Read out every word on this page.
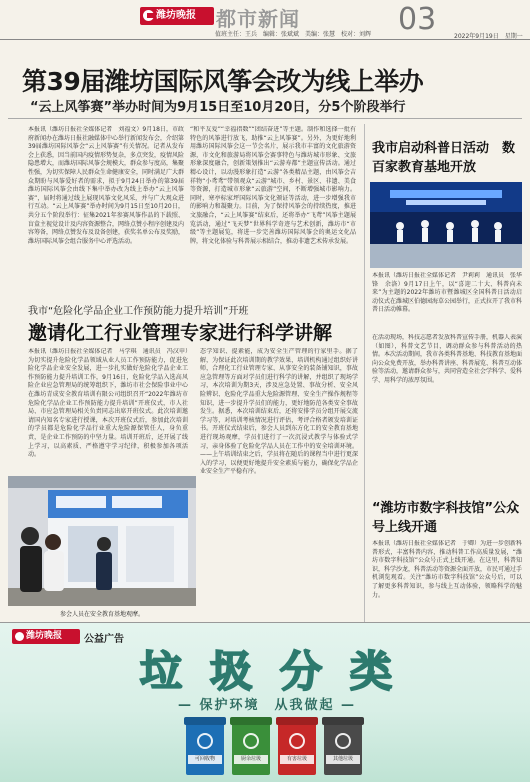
潍坊晚报	都市新闻
值班主任：王兵　编辑：张斌斌　美编：张慧　校对：刘辉 03	2022年9月19日　星期一
第39届潍坊国际风筝会改为线上举办
“云上风筝赛”举办时间为9月15日至10月20日，分5个阶段举行
本报讯（潍坊日报社全媒体记者　刘福文）9月18日，市政府新闻办在潍坊日报社融媒体中心举行新闻发布会，介绍第39届潍坊国际风筝会“云上风筝赛”有关情况。记者从发布会上获悉，因当前国内疫情形势复杂，多点突发，疫情风险隐患增大，而潍坊国际风筝会规模大，群众参与度高，集聚性强，为切实保障人民群众生命健康安全，同时满足广大群众期盼与风筝爱好者的需求，拟于9月24日举办的第39届潍坊国际风筝会由线下集中举办改为线上举办“云上风筝赛”，届时将通过线上展现风筝文化风采，并与广大观众进行互动。“云上风筝赛”举办时间为9月15日至10月20日，共分五个阶段举行：征集2021年参赛风筝作品的下载照、盲盒主视觉设计及内容资源整合，网络点赞小程序创建及内容筹备，网络点赞发布及设备创建，获奖名单公布及奖励，潍坊国际风筝会组合服务中心评选活动。
“和平友爱”“幸福指数”“团结奋进”等主题。制作和选择一批有特色的风筝进行放飞，助推“云上风筝赛”。另外，为更好地利用潍坊国际风筝会这一节会名片，展示我市丰富的文化旅游资源，市文化和旅游局将风筝会赛事特色与潍坊城市形象、文旅形象深度融合，创新策划推出“云游寿都”主题宣传活动。通过精心设计，以动漫形象打造“云游”各类精品主题，由风筝会吉祥物“小鸢鸢”带领观众“云游”城市、乡村、景区、非遗、美食等资源，打造城市形象“云旅游”空间，不断增强城市影响力。同时，寒亭标家坪国际风筝文化颁证等活动，进一步增强我市的影响力和凝聚力。目前，为了保持风筝会的持续热度，推进文旅融合，“云上风筝赛”结束后，还将举办“飞鸢”风筝主题展览活动，通过“飞天梦”世界科学奇迹与艺术创新，潍坊市“市级”等主题展览，将进一步完善潍坊国际风筝会的奥运文化品牌，将文化体验与科普展示相结合，推动非遗艺术传承发展。
我市“危险化学品企业工作预防能力提升培训”开班
邀请化工行业管理专家进行科学讲解
本报讯（潍坊日报社全媒体记者　马学琪　通讯员　冯汉申）为切实提升危险化学品领域从业人员工作预防能力，促进危险化学品企业安全发展，进一步扎实做好危险化学品企业工作预防能力提升培训工作，9月16日，危险化学品入选高风险企业应急管理局的统筹组织下，潍坊市社会保险事业中心在潍坊青成安全教育培训有限公司组织召开“2022年潍坊市危险化学品企业工作预防能力提升培训”开班仪式，市人社局、市应急管理局相关负责同志出席开班仪式。此次培训邀请国内知名专家进行授课，本次开班仪式后，参加此次培训的学员都是危险化学品行业重大危险源保管任人，身负重责，是企业工作预防的中坚力量。培训开班后，还开展了线上学习，以高素质、严格遵守学习纪律，积极参加各项活动。
态学知识、提素能，成为安全生产管理的行家里手。据了解，为保证此次培训期的教学效果，培训机构通过组织好讲师，合理化工行业管理专家、从事安全的装备铺知识，事故应急管理等方面对学员们进行科学的讲解，并组织了现场学习，本次培训为期3天，涉及应急处置、事故分析、安全风险辨识、危险化学品重大危险源管理、安全生产操作规程等知识，进一步提升学员们的能力，更好地防范各类安全事故发生。据悉，本次培训结束后，还将安排学员分组开展交流学习等，对培训考核情况进行评估，考评合格者颁发培训证书。开班仪式结束后，参会人员到东方化工的安全教育基地进行现场观摩，学员们进行了一次沉浸式教学与体验式学习，亲身体验了危险化学品人员在工作中的安全培训环境。——上午培训结束之后，学员将在随后的课程当中进行更深入的学习，以便更好地提升安全素质与能力，确保化学品企业安全生产平稳有序。
参会人员在安全教育基地观摩。
我市启动科普日活动　数百家教育基地开放
本报讯（潍坊日报社全媒体记者　尹莉莉　通讯员　张华锋　余洛）9月17日上午，以“喜迎二十大、科普向未来”为主题的2022年潍坊市暨潍城区全国科普日活动启动仪式在潍城区伯德园海草公园举行，正式拉开了我市科普日活动帷幕。
在活动现场，科技志愿者发放科普宣传手册，机器人表演（如图），科普文艺节目，调动群众参与科普活动的热情。本次活动期间，我市各类科普基地、科技教育基地面向公众免费开放，举办科普讲座、科普展览、科普互动体验等活动，邀请群众参与，共同营造全社会学科学、爱科学、用科学的浓厚氛围。
“潍坊市数字科技馆”公众号上线开通
本报讯（潍坊日报社全媒体记者　于卿）为进一步创新科普形式，丰富科普内容，推动科普工作高质量发展，“潍坊市数字科技馆”公众号正式上线开通。在这里，科普知识，科学沙龙，科普活动等资源全面开放，市民可通过手机浏览观看。关注“潍坊市数字科技馆”公众号后，可以了解更多科普知识，参与线上互动体验，领略科学的魅力。
潍坊晚报	公益广告
垃圾分类
— 保护环境　从我做起 —
可回收物	厨余垃圾	有害垃圾	其他垃圾
